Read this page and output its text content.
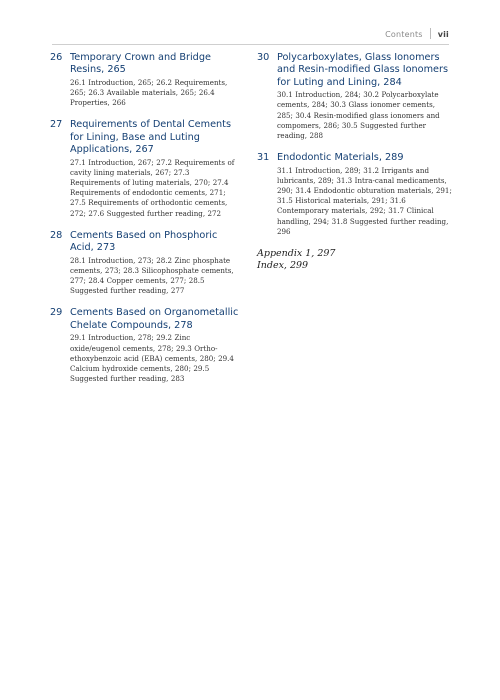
Contents vii
26 Temporary Crown and Bridge Resins, 265
26.1 Introduction, 265; 26.2 Requirements, 265; 26.3 Available materials, 265; 26.4 Properties, 266
27 Requirements of Dental Cements for Lining, Base and Luting Applications, 267
27.1 Introduction, 267; 27.2 Requirements of cavity lining materials, 267; 27.3 Requirements of luting materials, 270; 27.4 Requirements of endodontic cements, 271; 27.5 Requirements of orthodontic cements, 272; 27.6 Suggested further reading, 272
28 Cements Based on Phosphoric Acid, 273
28.1 Introduction, 273; 28.2 Zinc phosphate cements, 273; 28.3 Silicophosphate cements, 277; 28.4 Copper cements, 277; 28.5 Suggested further reading, 277
29 Cements Based on Organometallic Chelate Compounds, 278
29.1 Introduction, 278; 29.2 Zinc oxide/eugenol cements, 278; 29.3 Ortho-ethoxybenzoic acid (EBA) cements, 280; 29.4 Calcium hydroxide cements, 280; 29.5 Suggested further reading, 283
30 Polycarboxylates, Glass Ionomers and Resin-modified Glass Ionomers for Luting and Lining, 284
30.1 Introduction, 284; 30.2 Polycarboxylate cements, 284; 30.3 Glass ionomer cements, 285; 30.4 Resin-modified glass ionomers and compomers, 286; 30.5 Suggested further reading, 288
31 Endodontic Materials, 289
31.1 Introduction, 289; 31.2 Irrigants and lubricants, 289; 31.3 Intra-canal medicaments, 290; 31.4 Endodontic obturation materials, 291; 31.5 Historical materials, 291; 31.6 Contemporary materials, 292; 31.7 Clinical handling, 294; 31.8 Suggested further reading, 296
Appendix 1, 297
Index, 299
